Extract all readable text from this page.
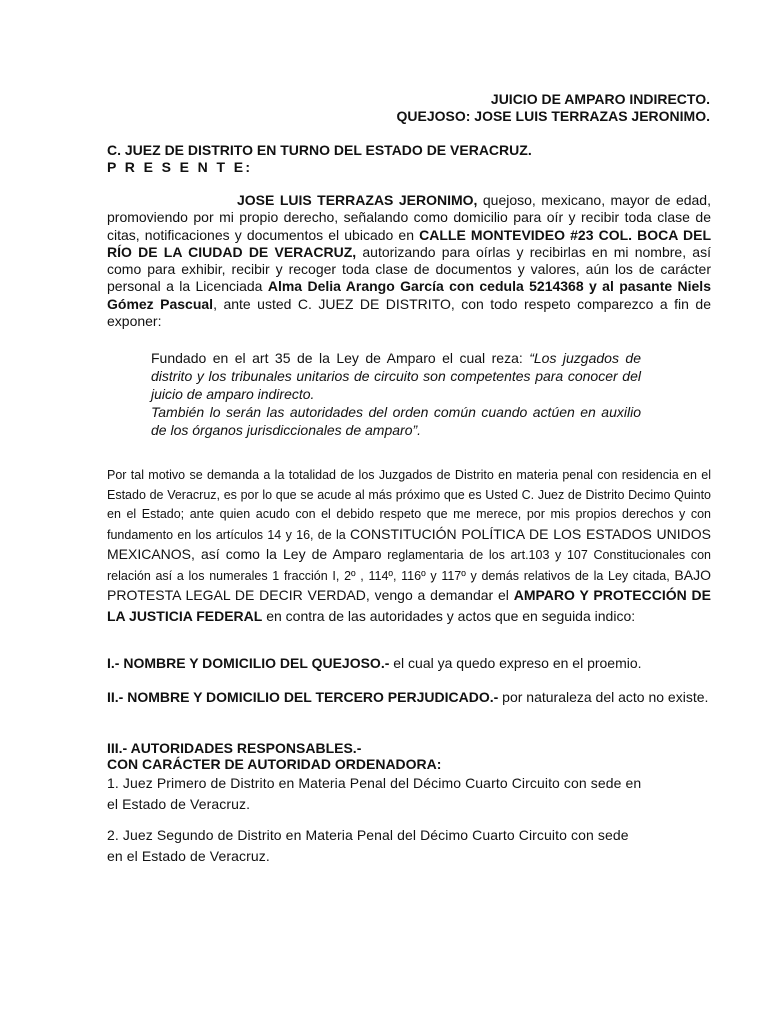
JUICIO DE AMPARO INDIRECTO.
QUEJOSO: JOSE LUIS TERRAZAS JERONIMO.
C. JUEZ DE DISTRITO EN TURNO DEL ESTADO DE VERACRUZ.
P R E S E N T E:
JOSE LUIS TERRAZAS JERONIMO, quejoso, mexicano, mayor de edad, promoviendo por mi propio derecho, señalando como domicilio para oír y recibir toda clase de citas, notificaciones y documentos el ubicado en CALLE MONTEVIDEO #23 COL. BOCA DEL RÍO DE LA CIUDAD DE VERACRUZ, autorizando para oírlas y recibirlas en mi nombre, así como para exhibir, recibir y recoger toda clase de documentos y valores, aún los de carácter personal a la Licenciada Alma Delia Arango García con cedula 5214368 y al pasante Niels Gómez Pascual, ante usted C. JUEZ DE DISTRITO, con todo respeto comparezco a fin de exponer:
Fundado en el art 35 de la Ley de Amparo el cual reza: “Los juzgados de distrito y los tribunales unitarios de circuito son competentes para conocer del juicio de amparo indirecto.
También lo serán las autoridades del orden común cuando actúen en auxilio de los órganos jurisdiccionales de amparo”.
Por tal motivo se demanda a la totalidad de los Juzgados de Distrito en materia penal con residencia en el Estado de Veracruz, es por lo que se acude al más próximo que es Usted C. Juez de Distrito Decimo Quinto en el Estado; ante quien acudo con el debido respeto que me merece, por mis propios derechos y con fundamento en los artículos 14 y 16, de la CONSTITUCIÓN POLÍTICA DE LOS ESTADOS UNIDOS MEXICANOS, así como la Ley de Amparo reglamentaria de los art.103 y 107 Constitucionales con relación así a los numerales 1 fracción I, 2º , 114º, 116º y 117º y demás relativos de la Ley citada, BAJO PROTESTA LEGAL DE DECIR VERDAD, vengo a demandar el AMPARO Y PROTECCIÓN DE LA JUSTICIA FEDERAL en contra de las autoridades y actos que en seguida indico:
I.- NOMBRE Y DOMICILIO DEL QUEJOSO.- el cual ya quedo expreso en el proemio.
II.- NOMBRE Y DOMICILIO DEL TERCERO PERJUDICADO.- por naturaleza del acto no existe.
III.- AUTORIDADES RESPONSABLES.-
CON CARÁCTER DE AUTORIDAD ORDENADORA:
1. Juez Primero de Distrito en Materia Penal del Décimo Cuarto Circuito con sede en el Estado de Veracruz.
2. Juez Segundo de Distrito en Materia Penal del Décimo Cuarto Circuito con sede en el Estado de Veracruz.
